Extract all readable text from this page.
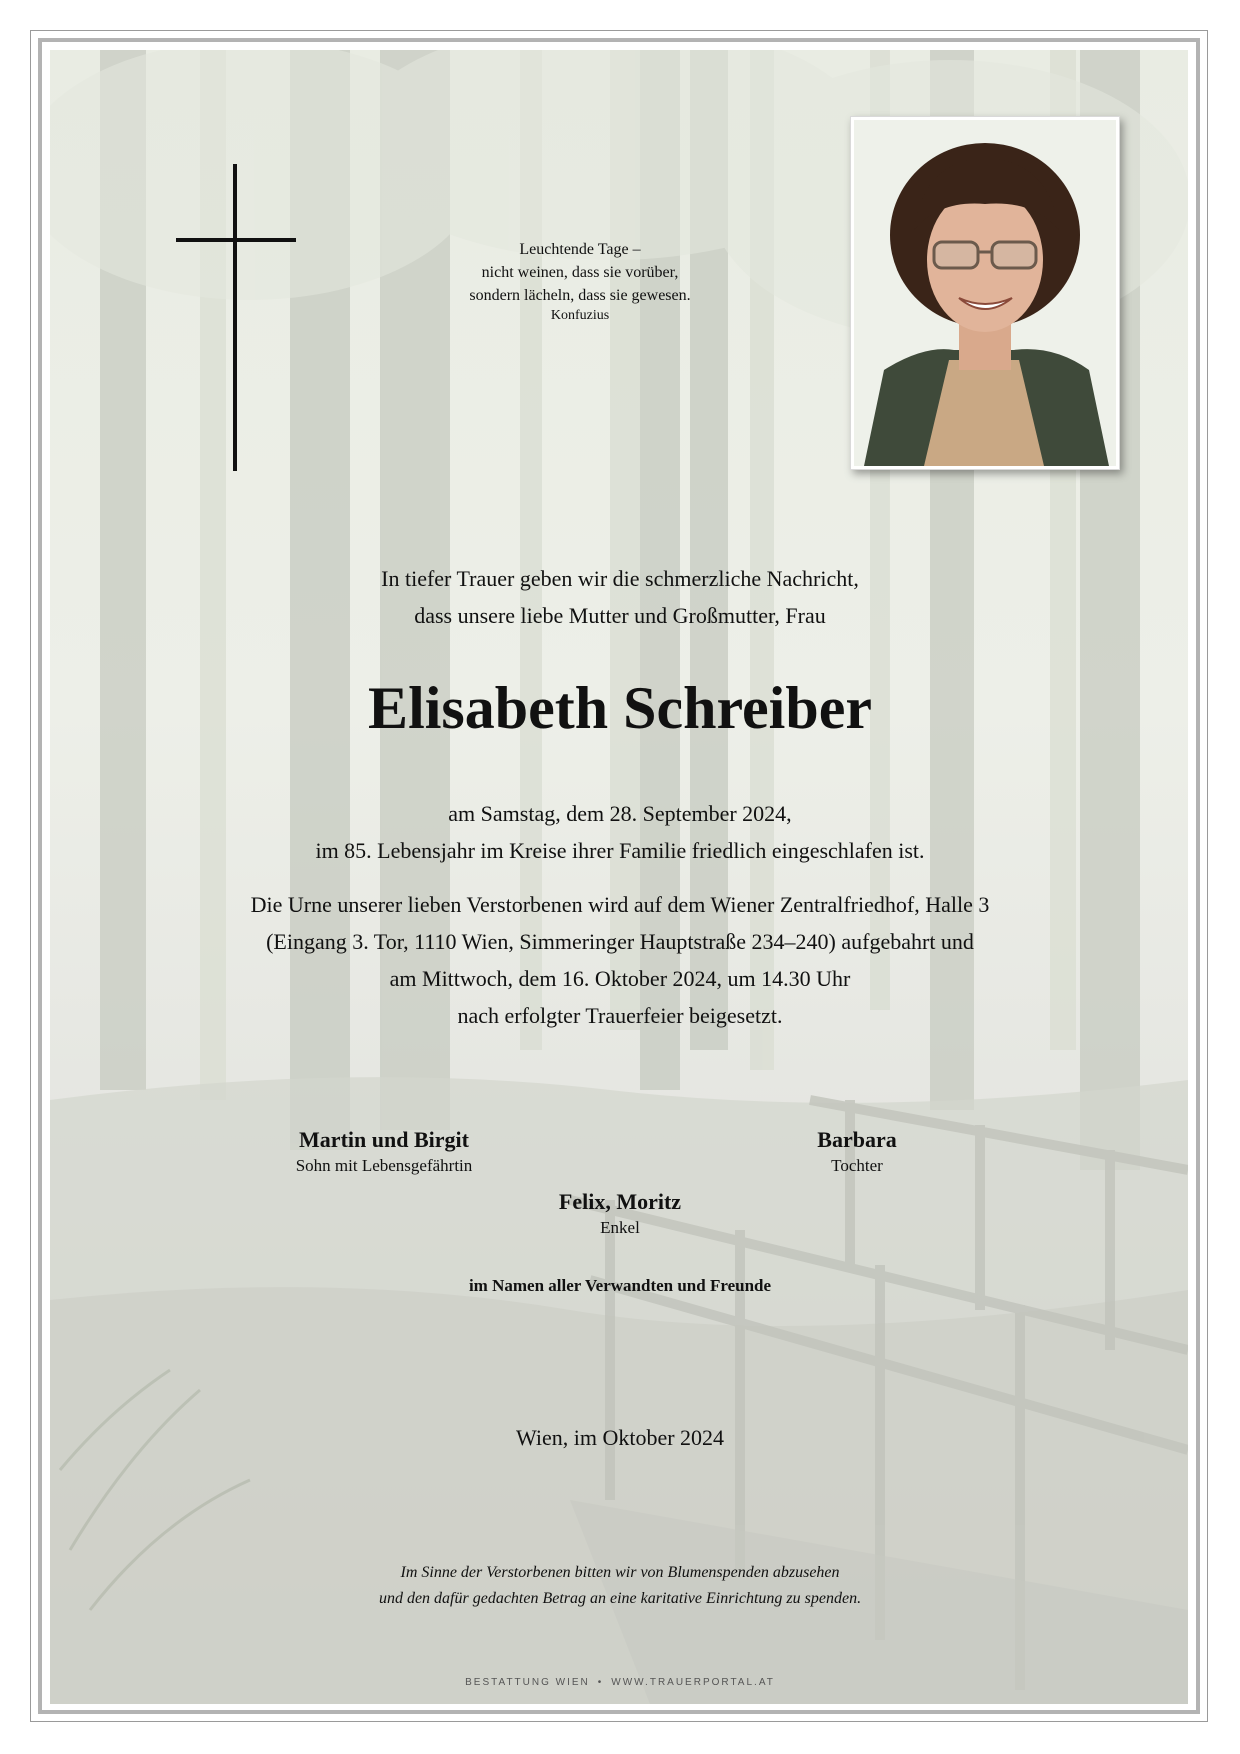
Leuchtende Tage –
nicht weinen, dass sie vorüber,
sondern lächeln, dass sie gewesen.
Konfuzius
In tiefer Trauer geben wir die schmerzliche Nachricht,
dass unsere liebe Mutter und Großmutter, Frau
Elisabeth Schreiber
am Samstag, dem 28. September 2024,
im 85. Lebensjahr im Kreise ihrer Familie friedlich eingeschlafen ist.
Die Urne unserer lieben Verstorbenen wird auf dem Wiener Zentralfriedhof, Halle 3
(Eingang 3. Tor, 1110 Wien, Simmeringer Hauptstraße 234–240) aufgebahrt und
am Mittwoch, dem 16. Oktober 2024, um 14.30 Uhr
nach erfolgter Trauerfeier beigesetzt.
Martin und Birgit
Sohn mit Lebensgefährtin
Barbara
Tochter
Felix, Moritz
Enkel
im Namen aller Verwandten und Freunde
Wien, im Oktober 2024
Im Sinne der Verstorbenen bitten wir von Blumenspenden abzusehen
und den dafür gedachten Betrag an eine karitative Einrichtung zu spenden.
BESTATTUNG WIEN • WWW.TRAUERPORTAL.AT
